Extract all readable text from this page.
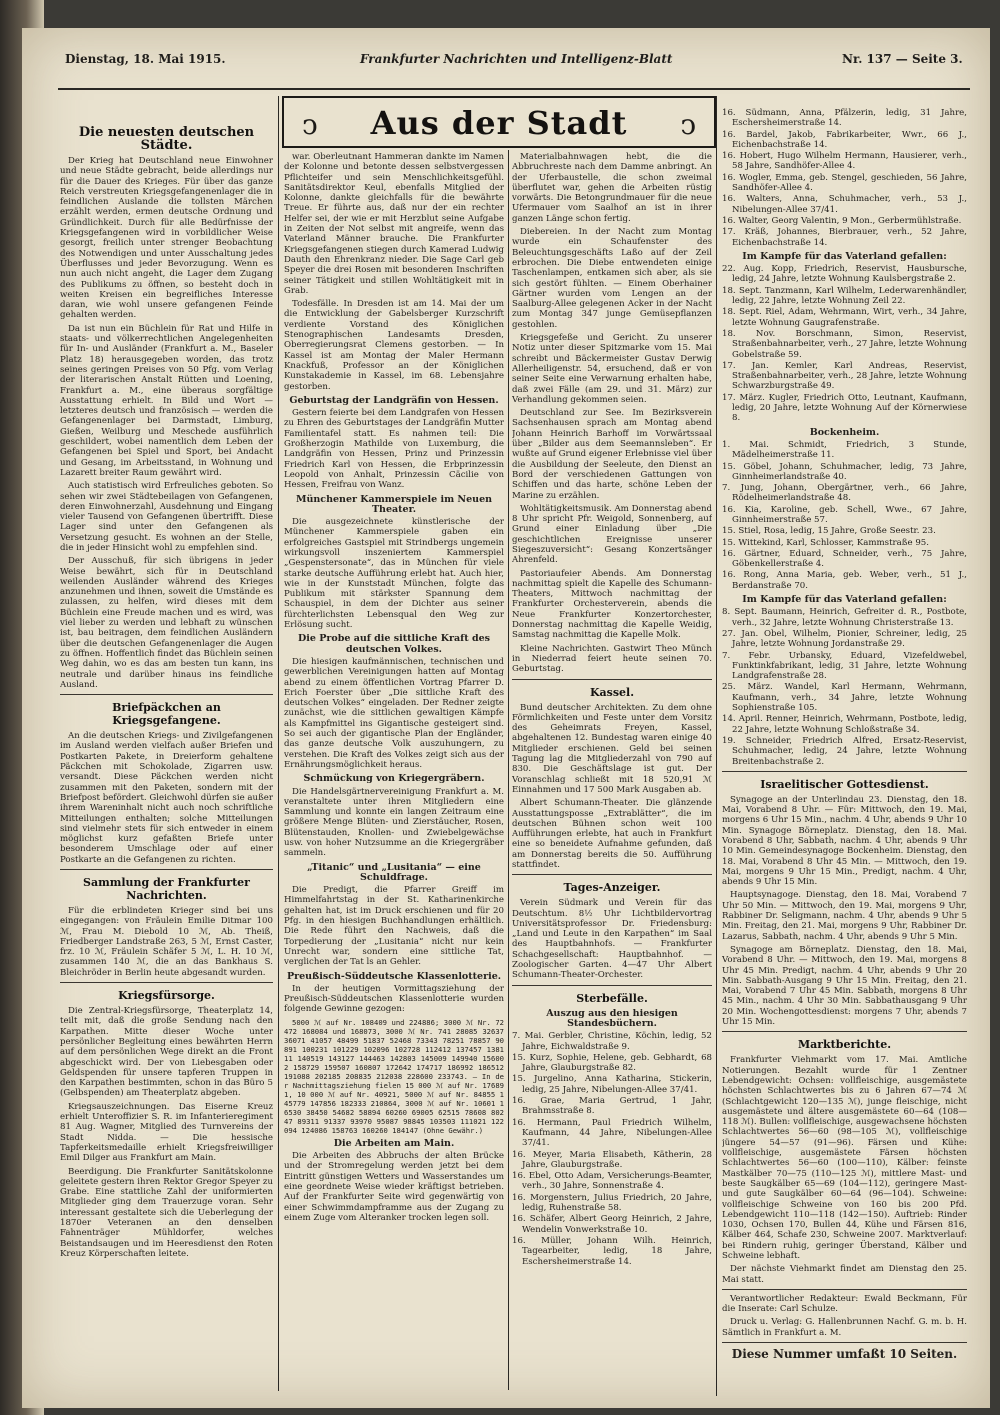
Dienstag, 18. Mai 1915.	Frankfurter Nachrichten und Intelligenz-Blatt	Nr. 137 — Seite 3.
ↄ	Aus der Stadt	ↄ
Die neuesten deutschen Städte.

Der Krieg hat Deutschland neue Einwohner und neue Städte gebracht, beide allerdings nur für die Dauer des Krieges. Für über das ganze Reich verstreuten Kriegsgefangenenlager die in feindlichen Auslande die tollsten Märchen erzählt werden, ermen deutsche Ordnung und Gründlichkeit. Durch für alle Bedürfnisse der Kriegsgefangenen wird in vorbildlicher Weise gesorgt, freilich unter strenger Beobachtung des Notwendigen und unter Ausschaltung jedes Überflusses und jeder Bevorzugung. Wenn es nun auch nicht angeht, die Lager dem Zugang des Publikums zu öffnen, so besteht doch in weiten Kreisen ein begreifliches Interesse daran, wie wohl unsere gefangenen Feinde gehalten werden.

Da ist nun ein Büchlein für Rat und Hilfe in staats- und völkerrechtlichen Angelegenheiten für In- und Ausländer (Frankfurt a. M., Baseler Platz 18) herausgegeben worden, das trotz seines geringen Preises von 50 Pfg. vom Verlag der literarischen Anstalt Rütten und Loening, Frankfurt a. M., eine überaus sorgfältige Ausstattung erhielt. In Bild und Wort — letzteres deutsch und französisch — werden die Gefangenenlager bei Darmstadt, Limburg, Gießen, Weilburg und Meschede ausführlich geschildert, wobei namentlich dem Leben der Gefangenen bei Spiel und Sport, bei Andacht und Gesang, im Arbeitsstand, in Wohnung und Lazarett breiter Raum gewährt wird.

Auch statistisch wird Erfreuliches geboten. So sehen wir zwei Städtebeilagen von Gefangenen, deren Einwohnerzahl, Ausdehnung und Eingang vieler Tausend von Gefangenen übertrifft. Diese Lager sind unter den Gefangenen als Versetzung gesucht. Es wohnen an der Stelle, die in jeder Hinsicht wohl zu empfehlen sind.

Der Ausschuß, für sich übrigens in jeder Weise bewährt, sich für in Deutschland weilenden Ausländer während des Krieges anzunehmen und ihnen, soweit die Umstände es zulassen, zu helfen, wird dieses mit dem Büchlein eine Freude machen und es wird, was viel lieber zu werden und lebhaft zu wünschen ist, bau beitragen, dem feindlichen Ausländern über die deutschen Gefangenenlager die Augen zu öffnen. Hoffentlich findet das Büchlein seinen Weg dahin, wo es das am besten tun kann, ins neutrale und darüber hinaus ins feindliche Ausland.

Briefpäckchen an Kriegsgefangene.

An die deutschen Kriegs- und Zivilgefangenen im Ausland werden vielfach außer Briefen und Postkarten Pakete, in Dreierform gehaltene Päckchen mit Schokolade, Zigarren usw. versandt. Diese Päckchen werden nicht zusammen mit den Paketen, sondern mit der Briefpost befördert. Gleichwohl dürfen sie außer ihrem Wareninhalt nicht auch noch schriftliche Mitteilungen enthalten; solche Mitteilungen sind vielmehr stets für sich entweder in einem möglichst kurz gefaßten Briefe unter besonderem Umschlage oder auf einer Postkarte an die Gefangenen zu richten.

Sammlung der Frankfurter Nachrichten.

Für die erblindeten Krieger sind bei uns eingegangen: von Fräulein Emilie Ditmar 100 ℳ, Frau M. Diebold 10 ℳ, Ab. Theiß, Friedberger Landstraße 263, 5 ℳ, Ernst Caster, frz. 10 ℳ, Fräulein Schäfer 5 ℳ, L. H. 10 ℳ, zusammen 140 ℳ, die an das Bankhaus S. Bleichröder in Berlin heute abgesandt wurden.

Kriegsfürsorge.

Die Zentral-Kriegsfürsorge, Theaterplatz 14, teilt mit, daß die große Sendung nach den Karpathen. Mitte dieser Woche unter persönlicher Begleitung eines bewährten Herrn auf dem persönlichen Wege direkt an die Front abgeschickt wird. Der von Liebesgaben oder Geldspenden für unsere tapferen Truppen in den Karpathen bestimmten, schon in das Büro 5 (Gelbspenden) am Theaterplatz abgeben.

Kriegsauszeichnungen. Das Eiserne Kreuz erhielt Unteroffizier S. R. im Infanterieregiment 81 Aug. Wagner, Mitglied des Turnvereins der Stadt Nidda. — Die hessische Tapferkeitsmedaille erhielt Kriegsfreiwilliger Emil Dilger aus Frankfurt am Main.

Beerdigung. Die Frankfurter Sanitätskolonne geleitete gestern ihren Rektor Gregor Speyer zu Grabe. Eine stattliche Zahl der uniformierten Mitglieder ging dem Trauerzuge voran. Sehr interessant gestaltete sich die Ueberlegung der 1870er Veteranen an den denselben Fahnenträger Mühldorfer, welches Beistandsaugen und im Heeresdienst den Roten Kreuz Körperschaften leitete.

war. Oberleutnant Hammeran dankte im Namen der Kolonne und betonte dessen selbstvergessen Pflichteifer und sein Menschlichkeitsgefühl. Sanitätsdirektor Keul, ebenfalls Mitglied der Kolonne, dankte gleichfalls für die bewährte Treue. Er führte aus, daß nur der ein rechter Helfer sei, der wie er mit Herzblut seine Aufgabe in Zeiten der Not selbst mit angreife, wenn das Vaterland Männer brauche. Die Frankfurter Kriegsgefangenen stiegen durch Kamerad Ludwig Dauth den Ehrenkranz nieder. Die Sage Carl geb Speyer die drei Rosen mit besonderen Inschriften seiner Tätigkeit und stillen Wohltätigkeit mit in Grab.

Todesfälle. In Dresden ist am 14. Mai der um die Entwicklung der Gabelsberger Kurzschrift verdiente Vorstand des Königlichen Stenographischen Landesamts Dresden, Oberregierungsrat Clemens gestorben. — In Kassel ist am Montag der Maler Hermann Knackfuß, Professor an der Königlichen Kunstakademie in Kassel, im 68. Lebensjahre gestorben.

Geburtstag der Landgräfin von Hessen.

Gestern feierte bei dem Landgrafen von Hessen zu Ehren des Geburtstages der Landgräfin Mutter Familientafel statt. Es nahmen teil: Die Großherzogin Mathilde von Luxemburg, die Landgräfin von Hessen, Prinz und Prinzessin Friedrich Karl von Hessen, die Erbprinzessin Leopold von Anhalt, Prinzessin Cäcilie von Hessen, Freifrau von Wanz.

Münchener Kammerspiele im Neuen Theater.

Die ausgezeichnete künstlerische der Münchener Kammerspiele gaben ein erfolgreiches Gastspiel mit Strindbergs ungemein wirkungsvoll inszeniertem Kammerspiel „Gespenstersonate“, das in München für viele starke deutsche Aufführung erlebt hat. Auch hier, wie in der Kunststadt München, folgte das Publikum mit stärkster Spannung dem Schauspiel, in dem der Dichter aus seiner fürchterlichsten Lebensqual den Weg zur Erlösung sucht.

Die Probe auf die sittliche Kraft des deutschen Volkes.

Die hiesigen kaufmännischen, technischen und gewerblichen Vereinigungen hatten auf Montag abend zu einem öffentlichen Vortrag Pfarrer D. Erich Foerster über „Die sittliche Kraft des deutschen Volkes“ eingeladen. Der Redner zeigte zunächst, wie die sittlichen gewaltigen Kämpfe als Kampfmittel ins Gigantische gesteigert sind. So sei auch der gigantische Plan der Engländer, das ganze deutsche Volk auszuhungern, zu verstehen. Die Kraft des Volkes zeigt sich aus der Ernährungsmöglichkeit heraus.

Schmückung von Kriegergräbern.

Die Handelsgärtnervereinigung Frankfurt a. M. veranstaltete unter ihren Mitgliedern eine Sammlung und konnte ein langen Zeitraum eine größere Menge Blüten- und Zierstäucher, Rosen, Blütenstauden, Knollen- und Zwiebelgewächse usw. von hoher Nutzsumme an die Kriegergräber sammeln.

„Titanic“ und „Lusitania“ — eine Schuldfrage.

Die Predigt, die Pfarrer Greiff im Himmelfahrtstag in der St. Katharinenkirche gehalten hat, ist im Druck erschienen und für 20 Pfg. in den hiesigen Buchhandlungen erhältlich. Die Rede führt den Nachweis, daß die Torpedierung der „Lusitania“ nicht nur kein Unrecht war, sondern eine sittliche Tat, verglichen der Tat ls an Gehler.

Preußisch-Süddeutsche Klassenlotterie.

In der heutigen Vormittagsziehung der Preußisch-Süddeutschen Klassenlotterie wurden folgende Gewinne gezogen:

5000 ℳ auf Nr. 108409 und 224886; 3000 ℳ Nr. 72472 168084 und 168073, 3000 ℳ Nr. 741 28085 32637 36071 41057 48499 51837 52468 73343 78251 78857 90891 100231 101229 102096 102728 112412 137457 138111 140519 143127 144463 142803 145009 149940 156002 158729 159507 160807 172642 174717 186992 186512 191088 202185 208835 212038 228600 233743. — In der Nachmittagsziehung fielen 15 000 ℳ auf Nr. 176891, 10 000 ℳ auf Nr. 40921, 5000 ℳ auf Nr. 84855 145779 147856 182333 210864, 3000 ℳ auf Nr. 10601 16530 38450 54682 58894 60260 69005 62515 78608 80247 89311 91337 93970 95087 98845 103503 111021 122094 124086 158763 160260 184147 (Ohne Gewähr.)

Die Arbeiten am Main.

Die Arbeiten des Abbruchs der alten Brücke und der Stromregelung werden jetzt bei dem Eintritt günstigen Wetters und Wasserstandes um eine geordnete Weise wieder kräftigst betrieben. Auf der Frankfurter Seite wird gegenwärtig von einer Schwimmdampframme aus der Zugang zu einem Zuge vom Alteranker trocken legen soll.

Materialbahnwagen hebt, die die Abbruchreste nach dem Damme anbringt. An der Uferbaustelle, die schon zweimal überflutet war, gehen die Arbeiten rüstig vorwärts. Die Betongrundmauer für die neue Ufermauer vom Saalhof an ist in ihrer ganzen Länge schon fertig.

Diebereien. In der Nacht zum Montag wurde ein Schaufenster des Beleuchtungsgeschäfts Laßo auf der Zeil erbrochen. Die Diebe entwendeten einige Taschenlampen, entkamen sich aber, als sie sich gestört fühlten. — Einem Oberhainer Gärtner wurden vom Lengen an der Saalburg-Allee gelegenen Acker in der Nacht zum Montag 347 junge Gemüsepflanzen gestohlen.

Kriegsgefeße und Gericht. Zu unserer Notiz unter dieser Spitzmarke vom 15. Mai schreibt und Bäckermeister Gustav Derwig Allerheiligenstr. 54, ersuchend, daß er von seiner Seite eine Verwarnung erhalten habe, daß zwei Fälle (am 29. und 31. März) zur Verhandlung gekommen seien.

Deutschland zur See. Im Bezirksverein Sachsenhausen sprach am Montag abend Johann Heinrich Barhoff im Vorwärtssaal über „Bilder aus dem Seemannsleben“. Er wußte auf Grund eigener Erlebnisse viel über die Ausbildung der Seeleute, den Dienst an Bord der verschiedenen Gattungen von Schiffen und das harte, schöne Leben der Marine zu erzählen.

Wohltätigkeitsmusik. Am Donnerstag abend 8 Uhr spricht Pfr. Weigold, Sonnenberg, auf Grund einer Einladung über „Die geschichtlichen Ereignisse unserer Siegeszuversicht“: Gesang Konzertsänger Ahrenfeld.

Pastoriaufeier Abends. Am Donnerstag nachmittag spielt die Kapelle des Schumann-Theaters, Mittwoch nachmittag der Frankfurter Orchesterverein, abends die Neue Frankfurter Konzertorchester, Donnerstag nachmittag die Kapelle Weidig, Samstag nachmittag die Kapelle Molk.

Kleine Nachrichten. Gastwirt Theo Münch in Niederrad feiert heute seinen 70. Geburtstag.

Kassel.

Bund deutscher Architekten. Zu dem ohne Förmlichkeiten und Feste unter dem Vorsitz des Geheimrats Freyen, Kassel, abgehaltenen 12. Bundestag waren einige 40 Mitglieder erschienen. Geld bei seinen Tagung lag die Mitgliederzahl von 790 auf 830. Die Geschäftslage ist gut. Der Voranschlag schließt mit 18 520,91 ℳ Einnahmen und 17 500 Mark Ausgaben ab.

Albert Schumann-Theater. Die glänzende Ausstattungsposse „Extrablätter“, die im deutschen Bühnen schon weit 100 Aufführungen erlebte, hat auch in Frankfurt eine so beneidete Aufnahme gefunden, daß am Donnerstag bereits die 50. Aufführung stattfindet.

Tages-Anzeiger.

Verein Südmark und Verein für das Deutschtum. 8½ Uhr Lichtbildervortrag Universitätsprofessor Dr. Friedensburg: „Land und Leute in den Karpathen“ im Saal des Hauptbahnhofs. — Frankfurter Schachgesellschaft: Hauptbahnhof. — Zoologischer Garten. 4—47 Uhr Albert Schumann-Theater-Orchester.

Sterbefälle.
Auszug aus den hiesigen Standesbüchern.
7. Mai. Gerbler, Christine, Köchin, ledig, 52 Jahre, Eichwaldstraße 9.
15. Kurz, Sophie, Helene, geb. Gebhardt, 68 Jahre, Glauburgstraße 82.
15. Jurgelino, Anna Katharina, Stickerin, ledig, 25 Jahre, Nibelungen-Allee 37/41.
16. Grae, Maria Gertrud, 1 Jahr, Brahmsstraße 8.
16. Hermann, Paul Friedrich Wilhelm, Kaufmann, 44 Jahre, Nibelungen-Allee 37/41.
16. Meyer, Maria Elisabeth, Kätherin, 28 Jahre, Glauburgstraße.
16. Ebel, Otto Adam, Versicherungs-Beamter, verh., 30 Jahre, Sonnenstraße 4.
16. Morgenstern, Julius Friedrich, 20 Jahre, ledig, Ruhenstraße 58.
16. Schäfer, Albert Georg Heinrich, 2 Jahre, Wendelin Vonwerkstraße 10.
16. Müller, Johann Wilh. Heinrich, Tagearbeiter, ledig, 18 Jahre, Eschersheimerstraße 14.
16. Südmann, Anna, Pfälzerin, ledig, 31 Jahre, Eschersheimerstraße 14.
16. Bardel, Jakob, Fabrikarbeiter, Wwr., 66 J., Eichenbachstraße 14.
16. Hobert, Hugo Wilhelm Hermann, Hausierer, verh., 58 Jahre, Sandhöfer-Allee 4.
16. Wogler, Emma, geb. Stengel, geschieden, 56 Jahre, Sandhöfer-Allee 4.
16. Walters, Anna, Schuhmacher, verh., 53 J., Nibelungen-Allee 37/41.
16. Walter, Georg Valentin, 9 Mon., Gerbermühlstraße.
17. Kräß, Johannes, Bierbrauer, verh., 52 Jahre, Eichenbachstraße 14.
Im Kampfe für das Vaterland gefallen:
22. Aug. Kopp, Friedrich, Reservist, Hausbursche, ledig, 24 Jahre, letzte Wohnung Kaulsbergstraße 2.
18. Sept. Tanzmann, Karl Wilhelm, Lederwarenhändler, ledig, 22 Jahre, letzte Wohnung Zeil 22.
18. Sept. Riel, Adam, Wehrmann, Wirt, verh., 34 Jahre, letzte Wohnung Gaugrafenstraße.
18. Nov. Borschmann, Simon, Reservist, Straßenbahnarbeiter, verh., 27 Jahre, letzte Wohnung Gobelstraße 59.
17. Jan. Kemler, Karl Andreas, Reservist, Straßenbahnarbeiter, verh., 28 Jahre, letzte Wohnung Schwarzburgstraße 49.
17. März. Kugler, Friedrich Otto, Leutnant, Kaufmann, ledig, 20 Jahre, letzte Wohnung Auf der Körnerwiese 8.
Bockenheim.
1. Mai. Schmidt, Friedrich, 3 Stunde, Mädelheimerstraße 11.
15. Göbel, Johann, Schuhmacher, ledig, 73 Jahre, Ginnheimerlandstraße 40.
7. Jung, Johann, Obergärtner, verh., 66 Jahre, Rödelheimerlandstraße 48.
16. Kia, Karoline, geb. Schell, Wwe., 67 Jahre, Ginnheimerstraße 57.
15. Stiel, Rosa, ledig, 15 Jahre, Große Seestr. 23.
15. Wittekind, Karl, Schlosser, Kammstraße 95.
16. Gärtner, Eduard, Schneider, verh., 75 Jahre, Göbenkellerstraße 4.
16. Rong, Anna Maria, geb. Weber, verh., 51 J., Berdanstraße 70.
Im Kampfe für das Vaterland gefallen:
8. Sept. Baumann, Heinrich, Gefreiter d. R., Postbote, verh., 32 Jahre, letzte Wohnung Christerstraße 13.
27. Jan. Obel, Wilhelm, Pionier, Schreiner, ledig, 25 Jahre, letzte Wohnung Jordanstraße 29.
7. Febr. Urbansky, Eduard, Vizefeldwebel, Funktinkfabrikant, ledig, 31 Jahre, letzte Wohnung Landgrafenstraße 28.
25. März. Wandel, Karl Hermann, Wehrmann, Kaufmann, verh., 34 Jahre, letzte Wohnung Sophienstraße 105.
14. April. Renner, Heinrich, Wehrmann, Postbote, ledig, 22 Jahre, letzte Wohnung Schloßstraße 34.
19. Schneider, Friedrich Alfred, Ersatz-Reservist, Schuhmacher, ledig, 24 Jahre, letzte Wohnung Breitenbachstraße 2.
Israelitischer Gottesdienst.

Synagoge an der Unterlindau 23. Dienstag, den 18. Mai, Vorabend 8 Uhr. — Für: Mittwoch, den 19. Mai, morgens 6 Uhr 15 Min., nachm. 4 Uhr, abends 9 Uhr 10 Min. Synagoge Börneplatz. Dienstag, den 18. Mai. Vorabend 8 Uhr, Sabbath, nachm. 4 Uhr, abends 9 Uhr 10 Min. Gemeindesynagoge Bockenheim. Dienstag, den 18. Mai, Vorabend 8 Uhr 45 Min. — Mittwoch, den 19. Mai, morgens 9 Uhr 15 Min., Predigt, nachm. 4 Uhr, abends 9 Uhr 15 Min.

Hauptsynagoge. Dienstag, den 18. Mai, Vorabend 7 Uhr 50 Min. — Mittwoch, den 19. Mai, morgens 9 Uhr, Rabbiner Dr. Seligmann, nachm. 4 Uhr, abends 9 Uhr 5 Min. Freitag, den 21. Mai, morgens 9 Uhr, Rabbiner Dr. Lazarus, Sabbath, nachm. 4 Uhr, abends 9 Uhr 5 Min.

Synagoge am Börneplatz. Dienstag, den 18. Mai, Vorabend 8 Uhr. — Mittwoch, den 19. Mai, morgens 8 Uhr 45 Min. Predigt, nachm. 4 Uhr, abends 9 Uhr 20 Min. Sabbath-Ausgang 9 Uhr 15 Min. Freitag, den 21. Mai, Vorabend 7 Uhr 45 Min. Sabbath, morgens 8 Uhr 45 Min., nachm. 4 Uhr 30 Min. Sabbathausgang 9 Uhr 20 Min. Wochengottesdienst: morgens 7 Uhr, abends 7 Uhr 15 Min.

Marktberichte.

Frankfurter Viehmarkt vom 17. Mai. Amtliche Notierungen. Bezahlt wurde für 1 Zentner Lebendgewicht: Ochsen: vollfleischige, ausgemästete höchsten Schlachtwertes bis zu 6 Jahren 67—74 ℳ (Schlachtgewicht 120—135 ℳ), junge fleischige, nicht ausgemästete und ältere ausgemästete 60—64 (108—118 ℳ). Bullen: vollfleischige, ausgewachsene höchsten Schlachtwertes 56—60 (98—105 ℳ), vollfleischige jüngere 54—57 (91—96). Färsen und Kühe: vollfleischige, ausgemästete Färsen höchsten Schlachtwertes 56—60 (100—110), Kälber: feinste Mastkälber 70—75 (110—125 ℳ), mittlere Mast- und beste Saugkälber 65—69 (104—112), geringere Mast- und gute Saugkälber 60—64 (96—104). Schweine: vollfleischige Schweine von 160 bis 200 Pfd. Lebendgewicht 110—118 (142—150). Auftrieb: Rinder 1030, Ochsen 170, Bullen 44, Kühe und Färsen 816, Kälber 464, Schafe 230, Schweine 2007. Marktverlauf: bei Rindern ruhig, geringer Überstand, Kälber und Schweine lebhaft.

Der nächste Viehmarkt findet am Dienstag den 25. Mai statt.

Verantwortlicher Redakteur: Ewald Beckmann, Für die Inserate: Carl Schulze.

Druck u. Verlag: G. Hallenbrunnen Nachf. G. m. b. H. Sämtlich in Frankfurt a. M.

Diese Nummer umfaßt 10 Seiten.
